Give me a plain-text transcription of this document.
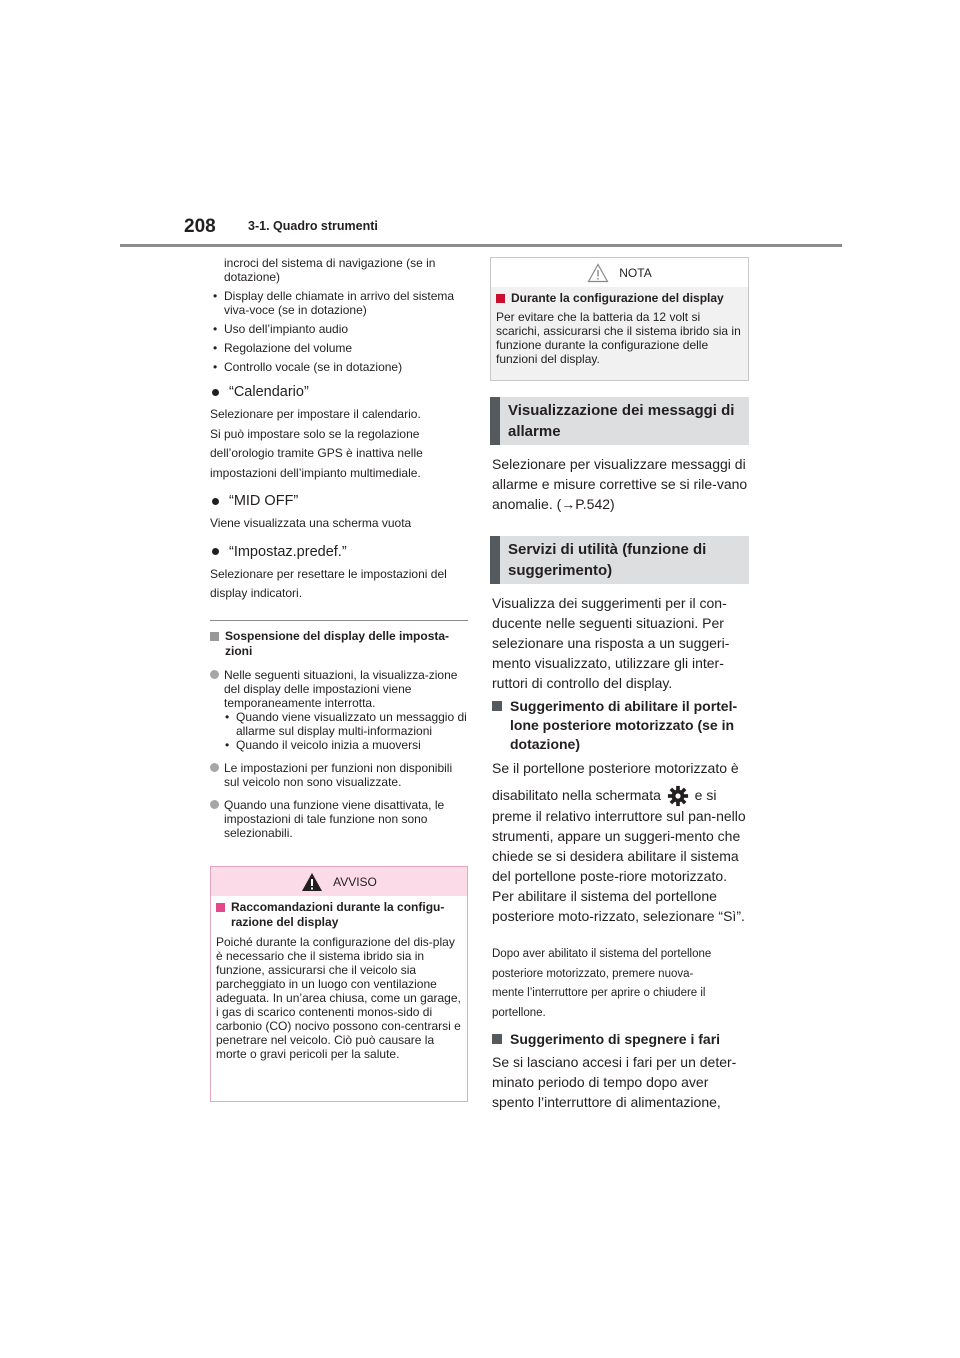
208	3-1. Quadro strumenti
incroci del sistema di navigazione (se in dotazione)
• Display delle chiamate in arrivo del sistema viva-voce (se in dotazione)
• Uso dell’impianto audio
• Regolazione del volume
• Controllo vocale (se in dotazione)
“Calendario”
Selezionare per impostare il calendario.
Si può impostare solo se la regolazione
dell’orologio tramite GPS è inattiva nelle
impostazioni dell’impianto multimediale.
“MID OFF”
Viene visualizzata una scherma vuota
“Impostaz.predef.”
Selezionare per resettare le impostazioni del
display indicatori.
Sospensione del display delle imposta-zioni
Nelle seguenti situazioni, la visualizza-zione del display delle impostazioni viene temporaneamente interrotta.
• Quando viene visualizzato un messaggio di allarme sul display multi-informazioni
• Quando il veicolo inizia a muoversi
Le impostazioni per funzioni non disponibili sul veicolo non sono visualizzate.
Quando una funzione viene disattivata, le impostazioni di tale funzione non sono selezionabili.
AVVISO
Raccomandazioni durante la configu-razione del display
Poiché durante la configurazione del dis-play è necessario che il sistema ibrido sia in funzione, assicurarsi che il veicolo sia parcheggiato in un luogo con ventilazione adeguata. In un’area chiusa, come un garage, i gas di scarico contenenti monos-sido di carbonio (CO) nocivo possono con-centrarsi e penetrare nel veicolo. Ciò può causare la morte o gravi pericoli per la salute.
NOTA
Durante la configurazione del display
Per evitare che la batteria da 12 volt si scarichi, assicurarsi che il sistema ibrido sia in funzione durante la configurazione delle funzioni del display.
Visualizzazione dei messaggi di allarme
Selezionare per visualizzare messaggi di allarme e misure correttive se si rile-vano anomalie. (→P.542)
Servizi di utilità (funzione di suggerimento)
Visualizza dei suggerimenti per il con-ducente nelle seguenti situazioni. Per selezionare una risposta a un suggeri-mento visualizzato, utilizzare gli inter-ruttori di controllo del display.
Suggerimento di abilitare il portel-lone posteriore motorizzato (se in dotazione)
Se il portellone posteriore motorizzato è
disabilitato nella schermata e si
preme il relativo interruttore sul pan-nello strumenti, appare un suggeri-mento che chiede se si desidera abilitare il sistema del portellone poste-riore motorizzato. Per abilitare il sistema del portellone posteriore moto-rizzato, selezionare “Sì”.
Dopo aver abilitato il sistema del portellone
posteriore motorizzato, premere nuova-
mente l’interruttore per aprire o chiudere il
portellone.
Suggerimento di spegnere i fari
Se si lasciano accesi i fari per un deter-minato periodo di tempo dopo aver spento l’interruttore di alimentazione,
